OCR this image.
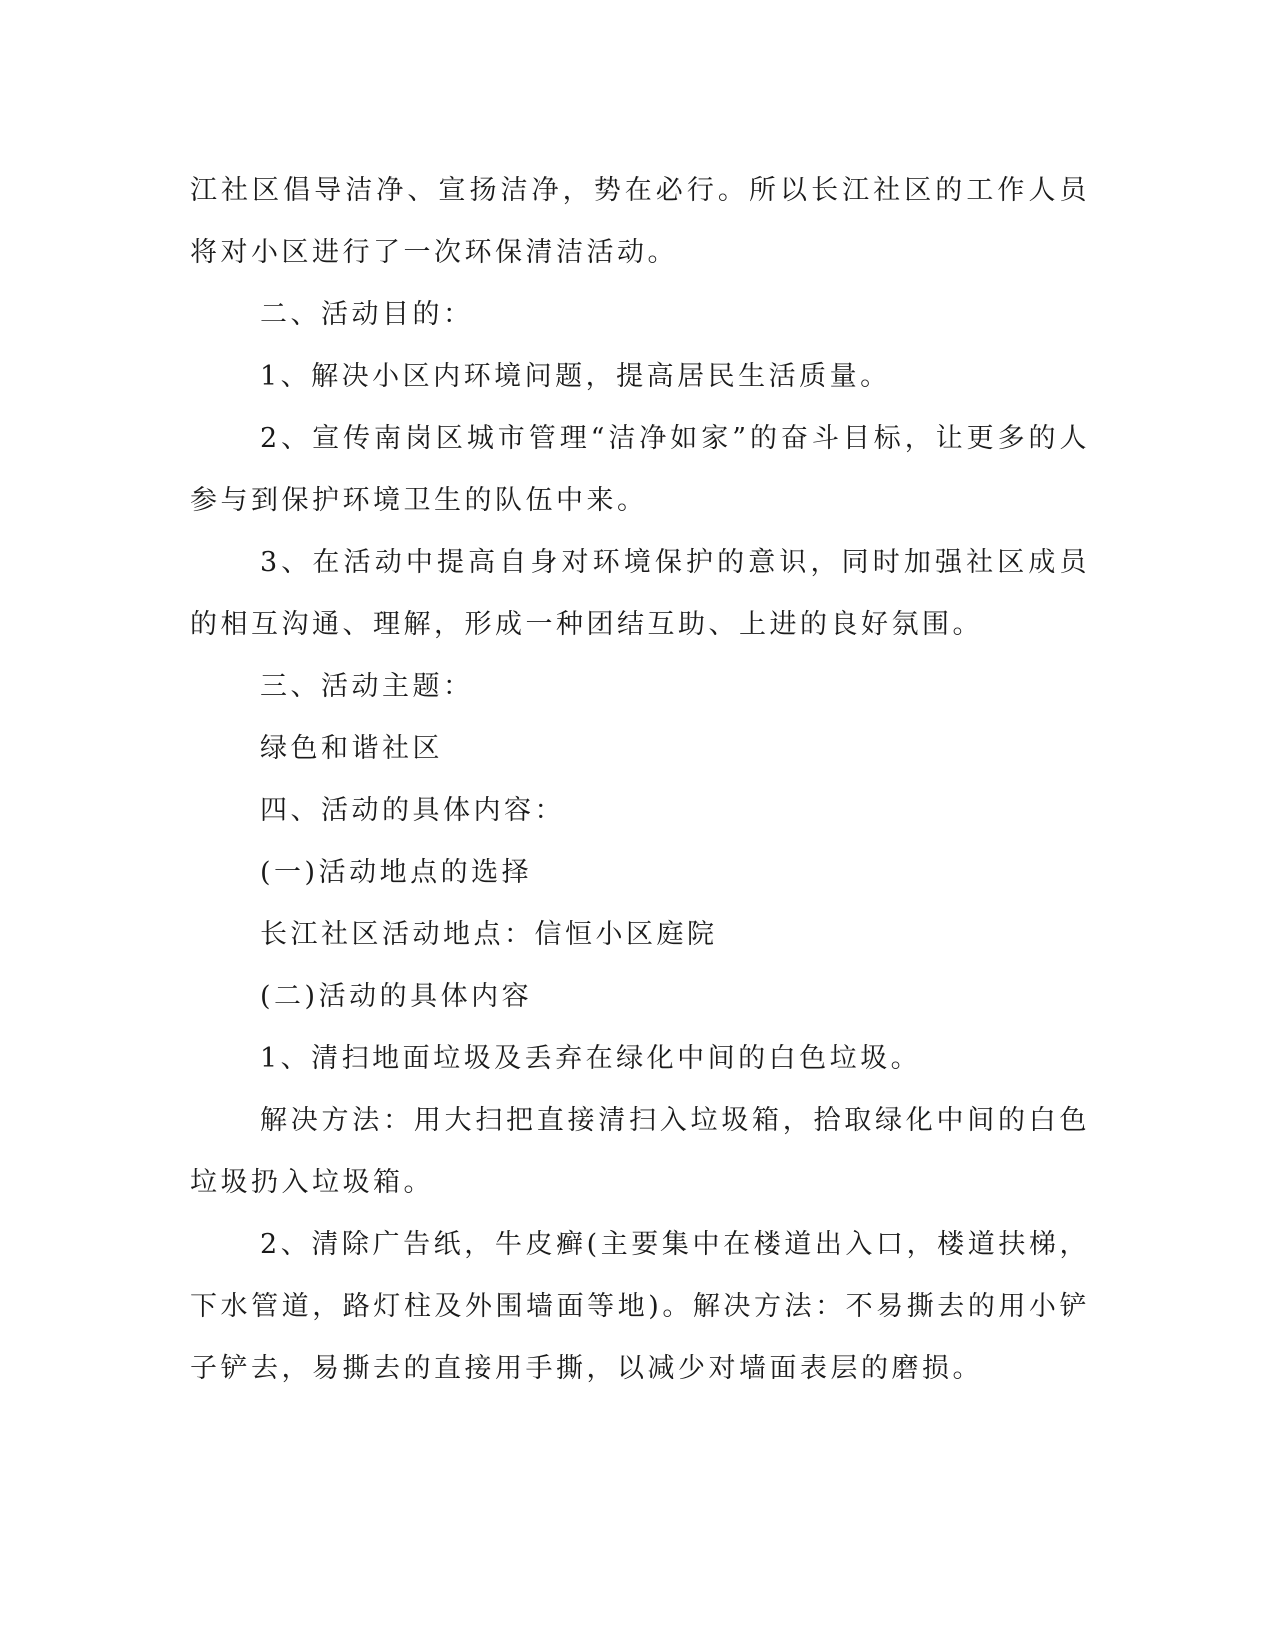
江社区倡导洁净、宣扬洁净，势在必行。所以长江社区的工作人员将对小区进行了一次环保清洁活动。

二、活动目的：

1、解决小区内环境问题，提高居民生活质量。

2、宣传南岗区城市管理“洁净如家”的奋斗目标，让更多的人参与到保护环境卫生的队伍中来。

3、在活动中提高自身对环境保护的意识，同时加强社区成员的相互沟通、理解，形成一种团结互助、上进的良好氛围。

三、活动主题：

绿色和谐社区

四、活动的具体内容：

(一)活动地点的选择

长江社区活动地点：信恒小区庭院

(二)活动的具体内容

1、清扫地面垃圾及丢弃在绿化中间的白色垃圾。

解决方法：用大扫把直接清扫入垃圾箱，拾取绿化中间的白色垃圾扔入垃圾箱。

2、清除广告纸，牛皮癣(主要集中在楼道出入口，楼道扶梯，下水管道，路灯柱及外围墙面等地)。解决方法：不易撕去的用小铲子铲去，易撕去的直接用手撕，以减少对墙面表层的磨损。
